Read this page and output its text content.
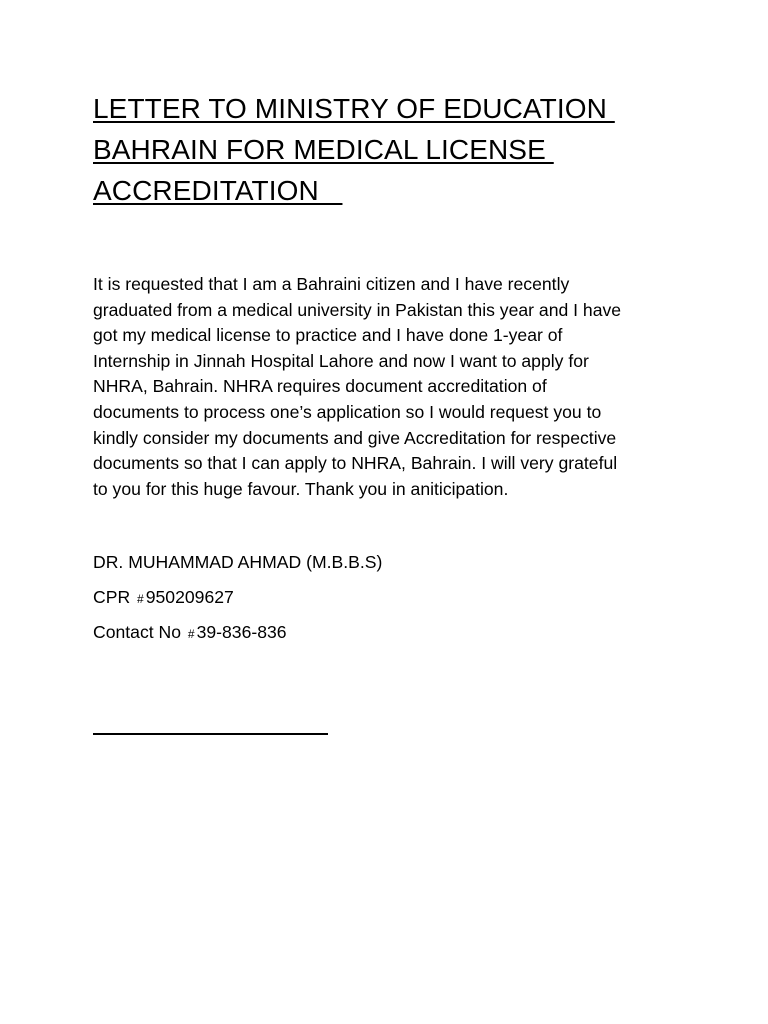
LETTER TO MINISTRY OF EDUCATION
BAHRAIN FOR MEDICAL LICENSE
ACCREDITATION

It is requested that I am a Bahraini citizen and I have recently
graduated from a medical university in Pakistan this year and I have
got my medical license to practice and I have done 1-year of
Internship in Jinnah Hospital Lahore and now I want to apply for
NHRA, Bahrain. NHRA requires document accreditation of
documents to process one’s application so I would request you to
kindly consider my documents and give Accreditation for respective
documents so that I can apply to NHRA, Bahrain. I will very grateful
to you for this huge favour. Thank you in aniticipation.

DR. MUHAMMAD AHMAD (M.B.B.S)

CPR # 950209627

Contact No # 39-836-836
